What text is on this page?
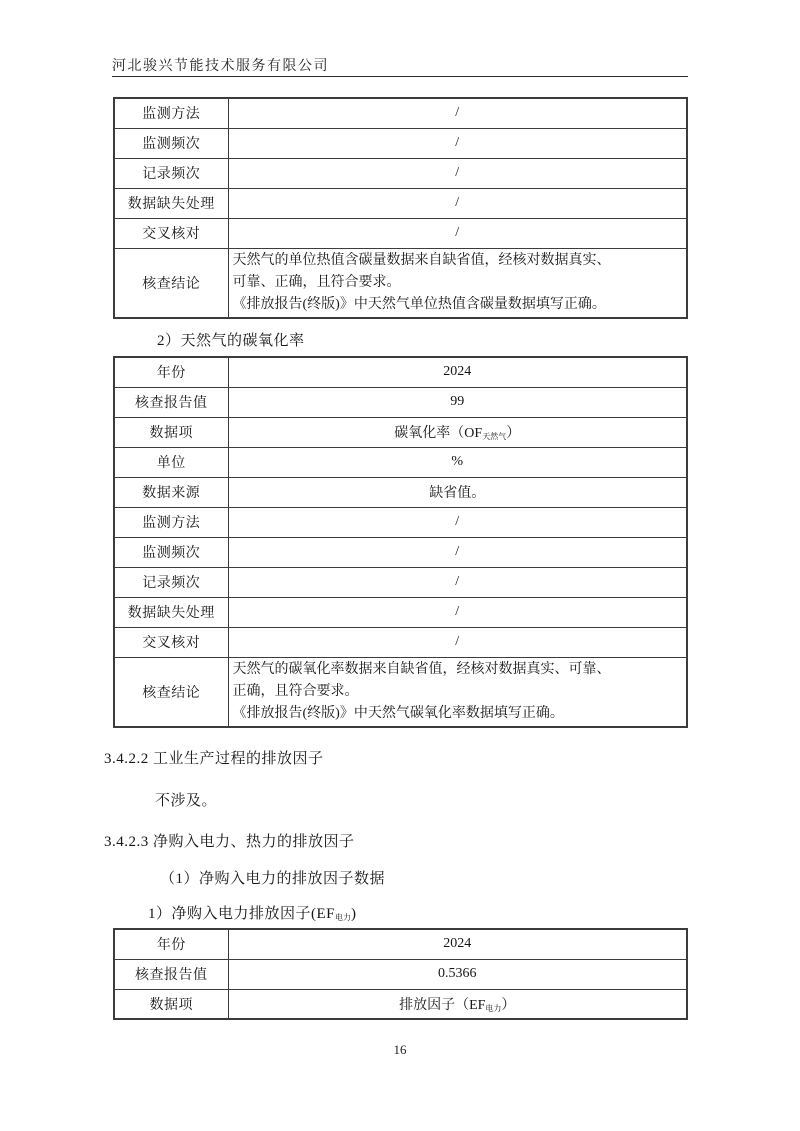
河北骏兴节能技术服务有限公司
监测方法	/
监测频次	/
记录频次	/
数据缺失处理	/
交叉核对	/
核查结论	天然气的单位热值含碳量数据来自缺省值，经核对数据真实、
可靠、正确，且符合要求。
《排放报告(终版)》中天然气单位热值含碳量数据填写正确。
2）天然气的碳氧化率
年份	2024
核查报告值	99
数据项	碳氧化率$(OF_{天然气})$
单位	%
数据来源	缺省值。
监测方法	/
监测频次	/
记录频次	/
数据缺失处理	/
交叉核对	/
核查结论	天然气的碳氧化率数据来自缺省值，经核对数据真实、可靠、
正确，且符合要求。
《排放报告(终版)》中天然气碳氧化率数据填写正确。
3.4.2.2 工业生产过程的排放因子
不涉及。
3.4.2.3 净购入电力、热力的排放因子
（1）净购入电力的排放因子数据
1）净购入电力排放因子$(EF_{电力})$
年份	2024
核查报告值	0.5366
数据项	排放因子$(EF_{电力})$
16
